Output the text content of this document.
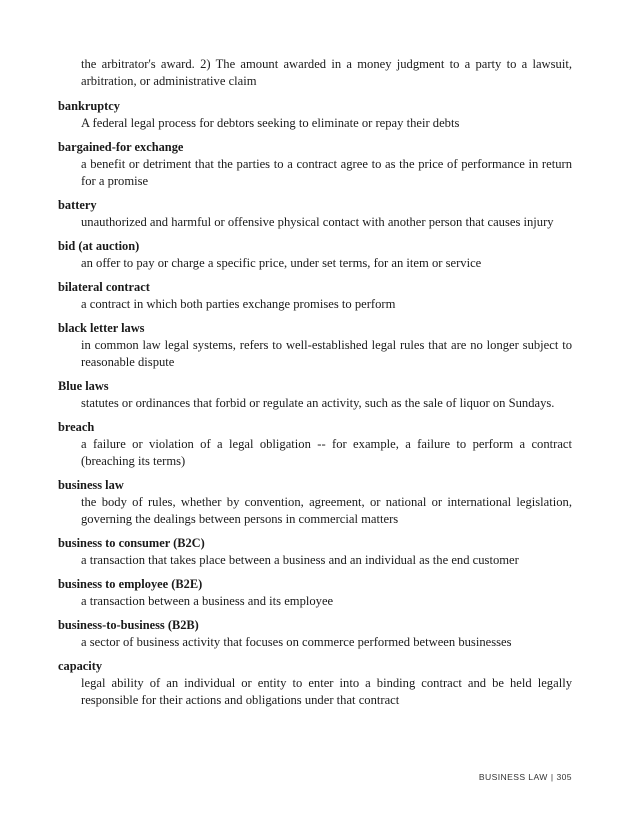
the arbitrator's award. 2) The amount awarded in a money judgment to a party to a lawsuit, arbitration, or administrative claim
bankruptcy
A federal legal process for debtors seeking to eliminate or repay their debts
bargained-for exchange
a benefit or detriment that the parties to a contract agree to as the price of performance in return for a promise
battery
unauthorized and harmful or offensive physical contact with another person that causes injury
bid (at auction)
an offer to pay or charge a specific price, under set terms, for an item or service
bilateral contract
a contract in which both parties exchange promises to perform
black letter laws
in common law legal systems, refers to well-established legal rules that are no longer subject to reasonable dispute
Blue laws
statutes or ordinances that forbid or regulate an activity, such as the sale of liquor on Sundays.
breach
a failure or violation of a legal obligation -- for example, a failure to perform a contract (breaching its terms)
business law
the body of rules, whether by convention, agreement, or national or international legislation, governing the dealings between persons in commercial matters
business to consumer (B2C)
a transaction that takes place between a business and an individual as the end customer
business to employee (B2E)
a transaction between a business and its employee
business-to-business (B2B)
a sector of business activity that focuses on commerce performed between businesses
capacity
legal ability of an individual or entity to enter into a binding contract and be held legally responsible for their actions and obligations under that contract
BUSINESS LAW | 305
